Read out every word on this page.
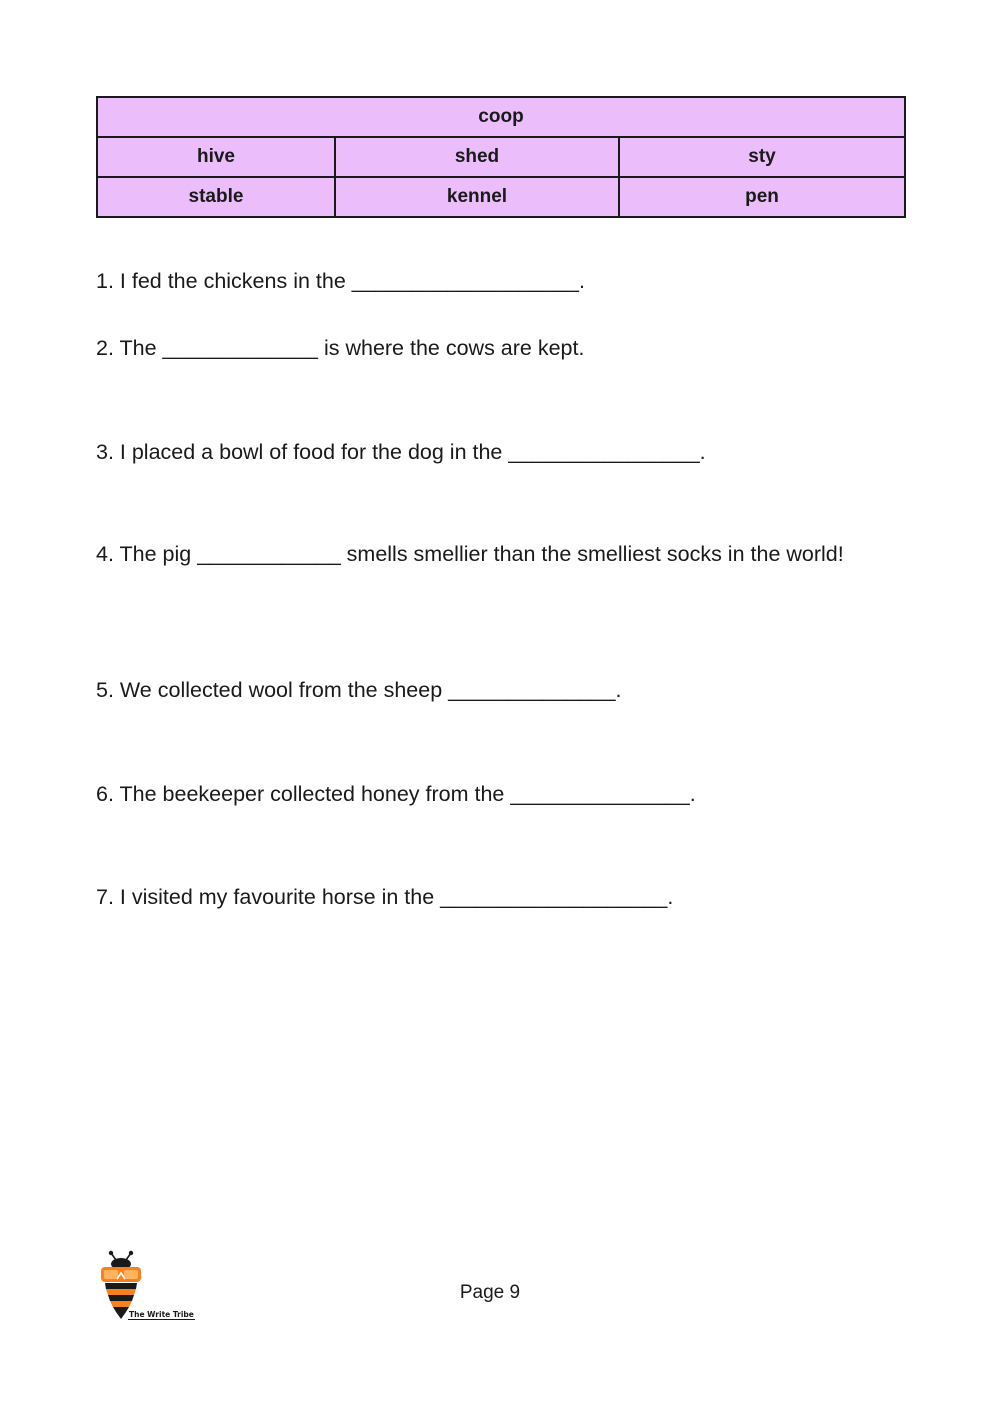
coop		
hive	shed	sty
stable	kennel	pen

1. I fed the chickens in the ___________________.

2. The _____________ is where the cows are kept.

3. I placed a bowl of food for the dog in the ________________.

4. The pig ____________ smells smellier than the smelliest socks in the world!

5. We collected wool from the sheep ______________.

6. The beekeeper collected honey from the _______________.

7. I visited my favourite horse in the ___________________.

The Write Tribe
Page 9
